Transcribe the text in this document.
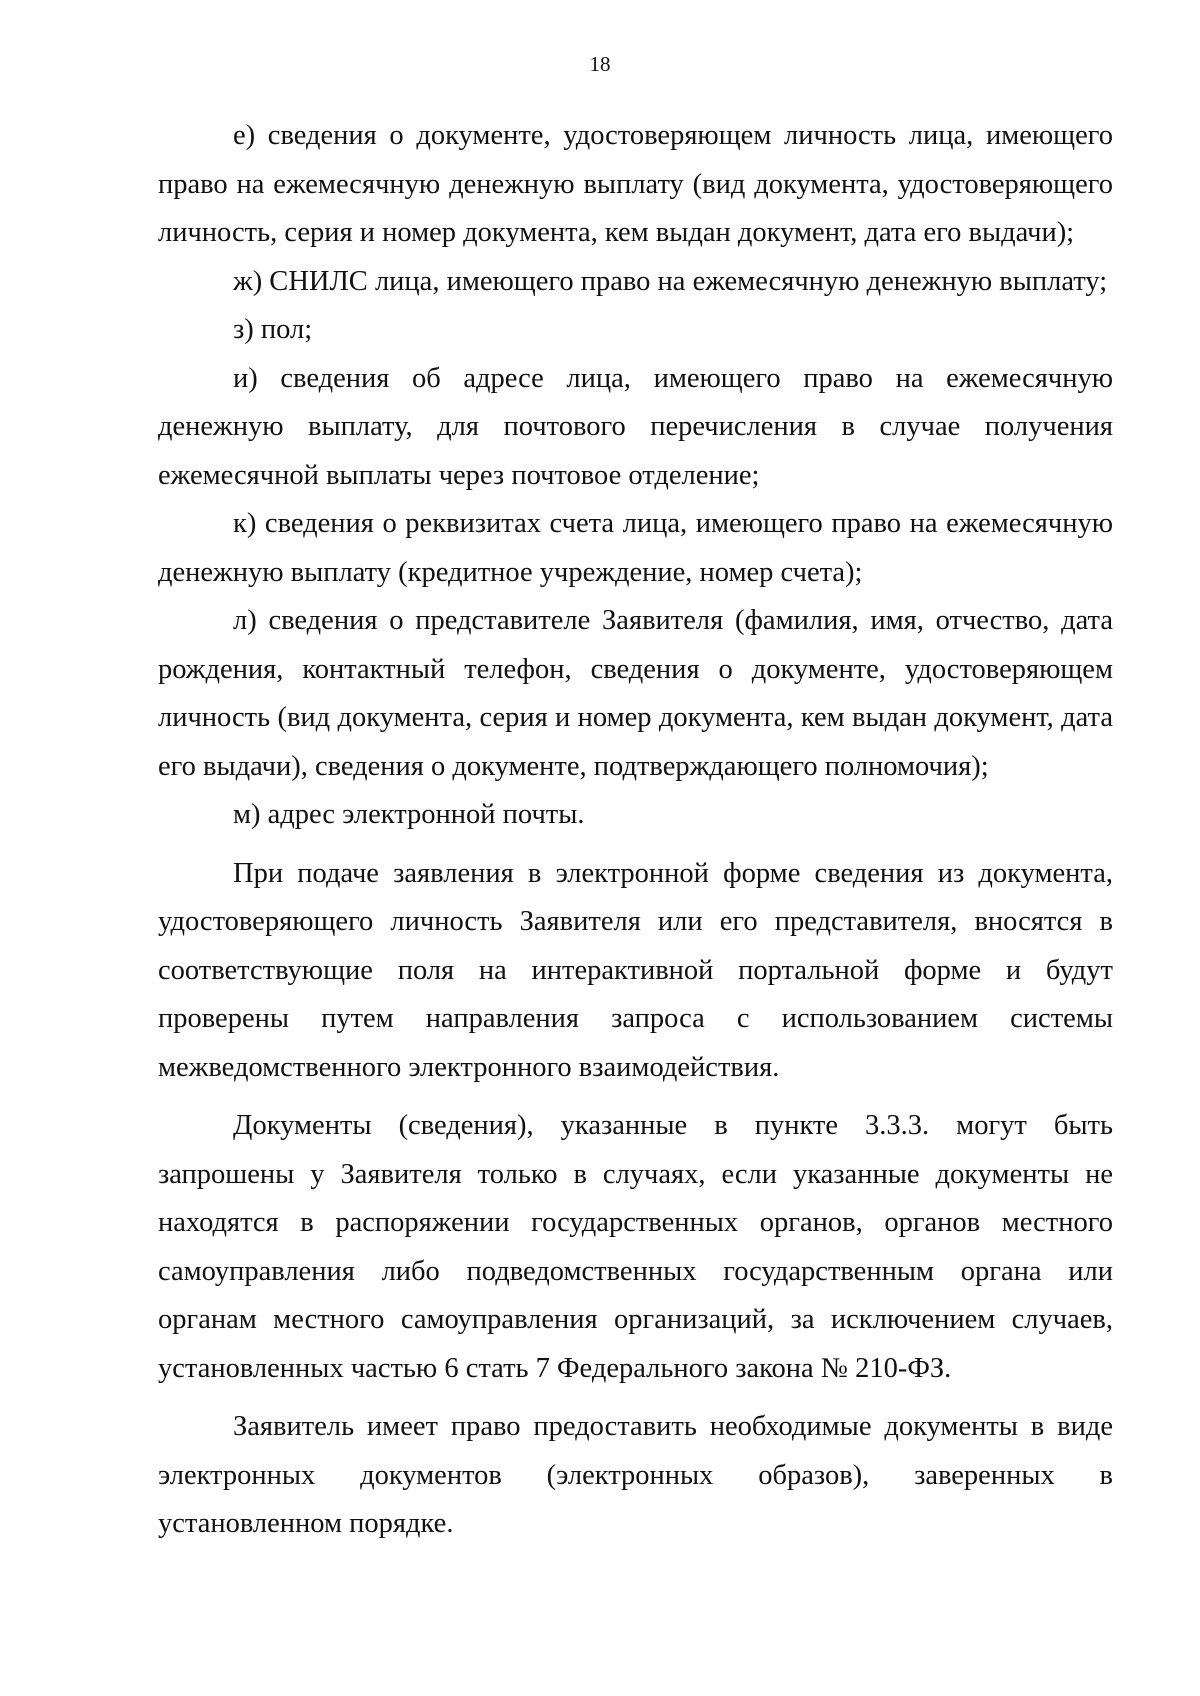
18

е) сведения о документе, удостоверяющем личность лица, имеющего право на ежемесячную денежную выплату (вид документа, удостоверяющего личность, серия и номер документа, кем выдан документ, дата его выдачи);

ж) СНИЛС лица, имеющего право на ежемесячную денежную выплату;

з) пол;

и) сведения об адресе лица, имеющего право на ежемесячную денежную выплату, для почтового перечисления в случае получения ежемесячной выплаты через почтовое отделение;

к) сведения о реквизитах счета лица, имеющего право на ежемесячную денежную выплату (кредитное учреждение, номер счета);

л) сведения о представителе Заявителя (фамилия, имя, отчество, дата рождения, контактный телефон, сведения о документе, удостоверяющем личность (вид документа, серия и номер документа, кем выдан документ, дата его выдачи), сведения о документе, подтверждающего полномочия);

м) адрес электронной почты.

При подаче заявления в электронной форме сведения из документа, удостоверяющего личность Заявителя или его представителя, вносятся в соответствующие поля на интерактивной портальной форме и будут проверены путем направления запроса с использованием системы межведомственного электронного взаимодействия.

Документы (сведения), указанные в пункте 3.3.3. могут быть запрошены у Заявителя только в случаях, если указанные документы не находятся в распоряжении государственных органов, органов местного самоуправления либо подведомственных государственным органа или органам местного самоуправления организаций, за исключением случаев, установленных частью 6 стать 7 Федерального закона № 210-ФЗ.

Заявитель имеет право предоставить необходимые документы в виде электронных документов (электронных образов), заверенных в установленном порядке.
